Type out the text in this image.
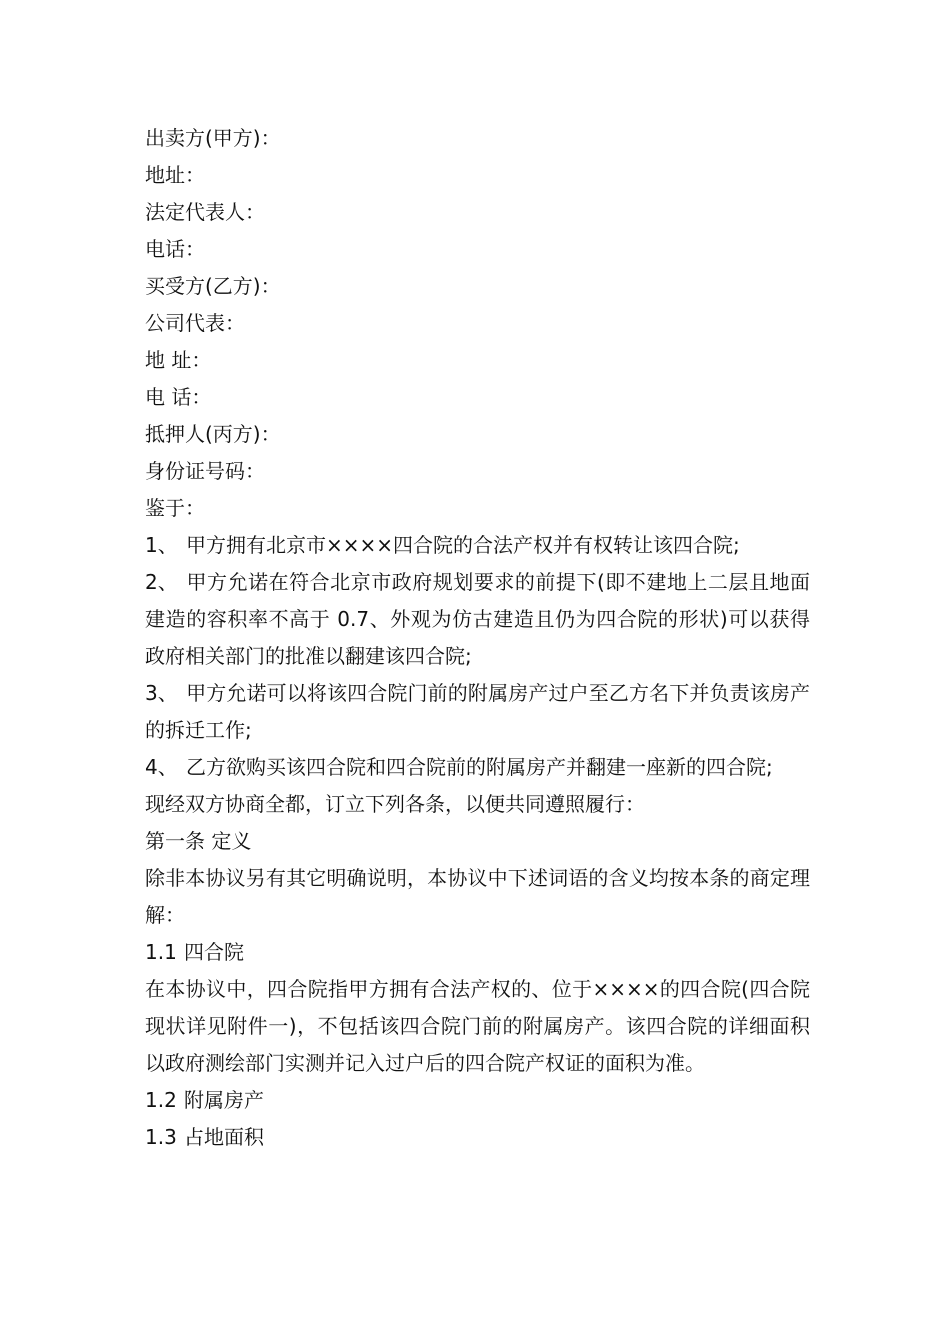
出卖方(甲方)：

地址：

法定代表人：

电话：

买受方(乙方)：

公司代表：

地 址：

电 话：

抵押人(丙方)：

身份证号码：

鉴于：

1、 甲方拥有北京市××××四合院的合法产权并有权转让该四合院;

2、 甲方允诺在符合北京市政府规划要求的前提下(即不建地上二层且地面建造的容积率不高于 0.7、外观为仿古建造且仍为四合院的形状)可以获得政府相关部门的批准以翻建该四合院;

3、 甲方允诺可以将该四合院门前的附属房产过户至乙方名下并负责该房产的拆迁工作;

4、 乙方欲购买该四合院和四合院前的附属房产并翻建一座新的四合院;

现经双方协商全都，订立下列各条，以便共同遵照履行：

第一条 定义

除非本协议另有其它明确说明，本协议中下述词语的含义均按本条的商定理解：

1.1 四合院

在本协议中，四合院指甲方拥有合法产权的、位于××××的四合院(四合院现状详见附件一)，不包括该四合院门前的附属房产。该四合院的详细面积以政府测绘部门实测并记入过户后的四合院产权证的面积为准。

1.2 附属房产

1.3 占地面积
